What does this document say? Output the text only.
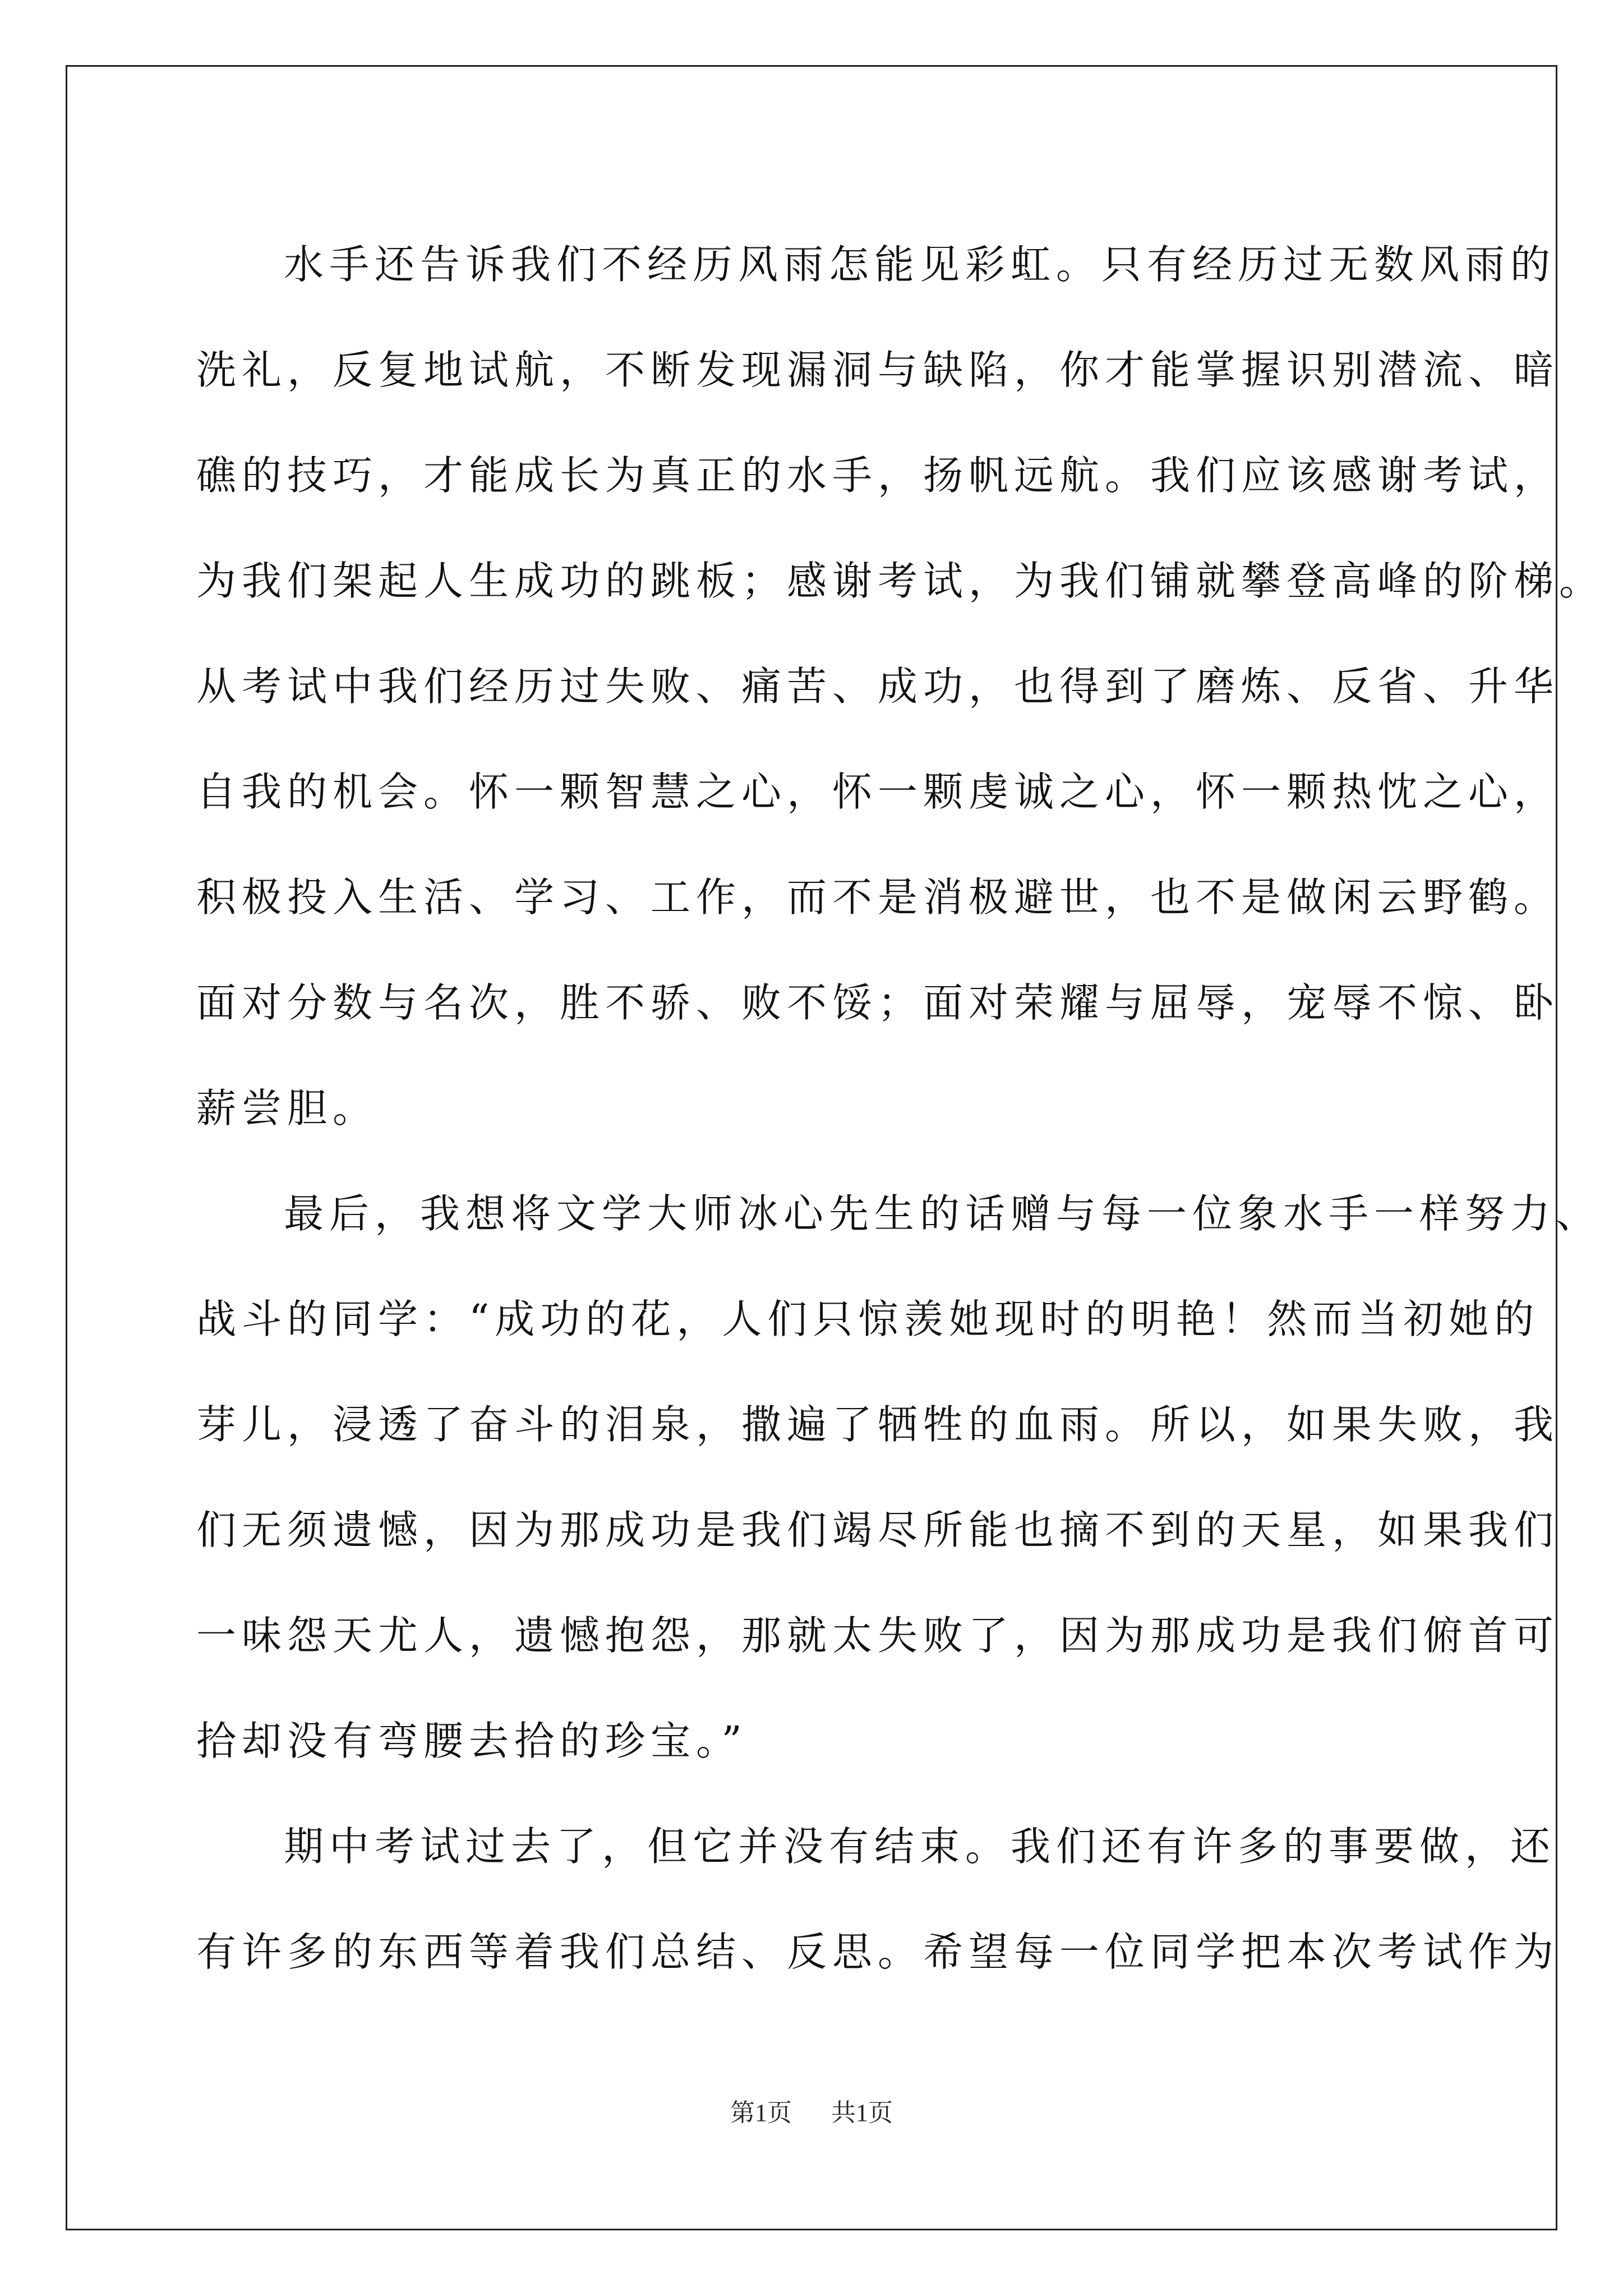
水手还告诉我们不经历风雨怎能见彩虹。只有经历过无数风雨的
洗礼，反复地试航，不断发现漏洞与缺陷，你才能掌握识别潜流、暗
礁的技巧，才能成长为真正的水手，扬帆远航。我们应该感谢考试，
为我们架起人生成功的跳板；感谢考试，为我们铺就攀登高峰的阶梯。
从考试中我们经历过失败、痛苦、成功，也得到了磨炼、反省、升华
自我的机会。怀一颗智慧之心，怀一颗虔诚之心，怀一颗热忱之心，
积极投入生活、学习、工作，而不是消极避世，也不是做闲云野鹤。
面对分数与名次，胜不骄、败不馁；面对荣耀与屈辱，宠辱不惊、卧
薪尝胆。
最后，我想将文学大师冰心先生的话赠与每一位象水手一样努力、
战斗的同学：“成功的花，人们只惊羡她现时的明艳！然而当初她的
芽儿，浸透了奋斗的泪泉，撒遍了牺牲的血雨。所以，如果失败，我
们无须遗憾，因为那成功是我们竭尽所能也摘不到的天星，如果我们
一味怨天尤人，遗憾抱怨，那就太失败了，因为那成功是我们俯首可
拾却没有弯腰去拾的珍宝。”
期中考试过去了，但它并没有结束。我们还有许多的事要做，还
有许多的东西等着我们总结、反思。希望每一位同学把本次考试作为
第1页 共1页
